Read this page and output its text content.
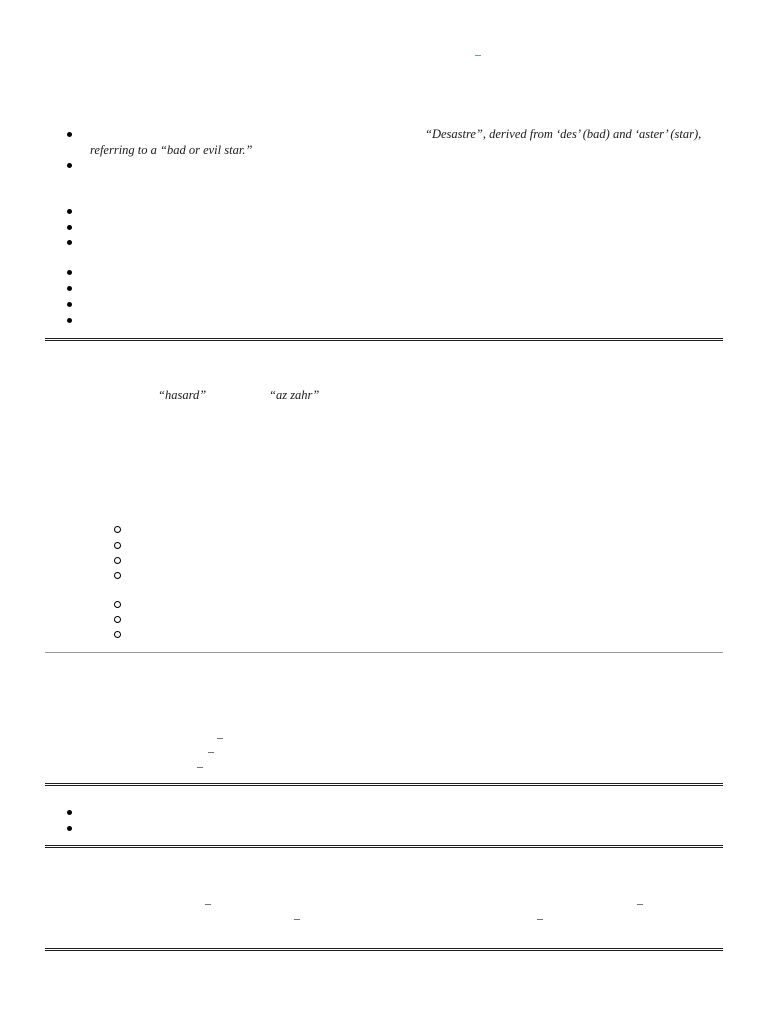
–
“Desastre”, derived from ‘des’ (bad) and ‘aster’ (star),
referring to a “bad or evil star.”
“hasard”	“az zahr”
–
–
–
–	–
–	–
